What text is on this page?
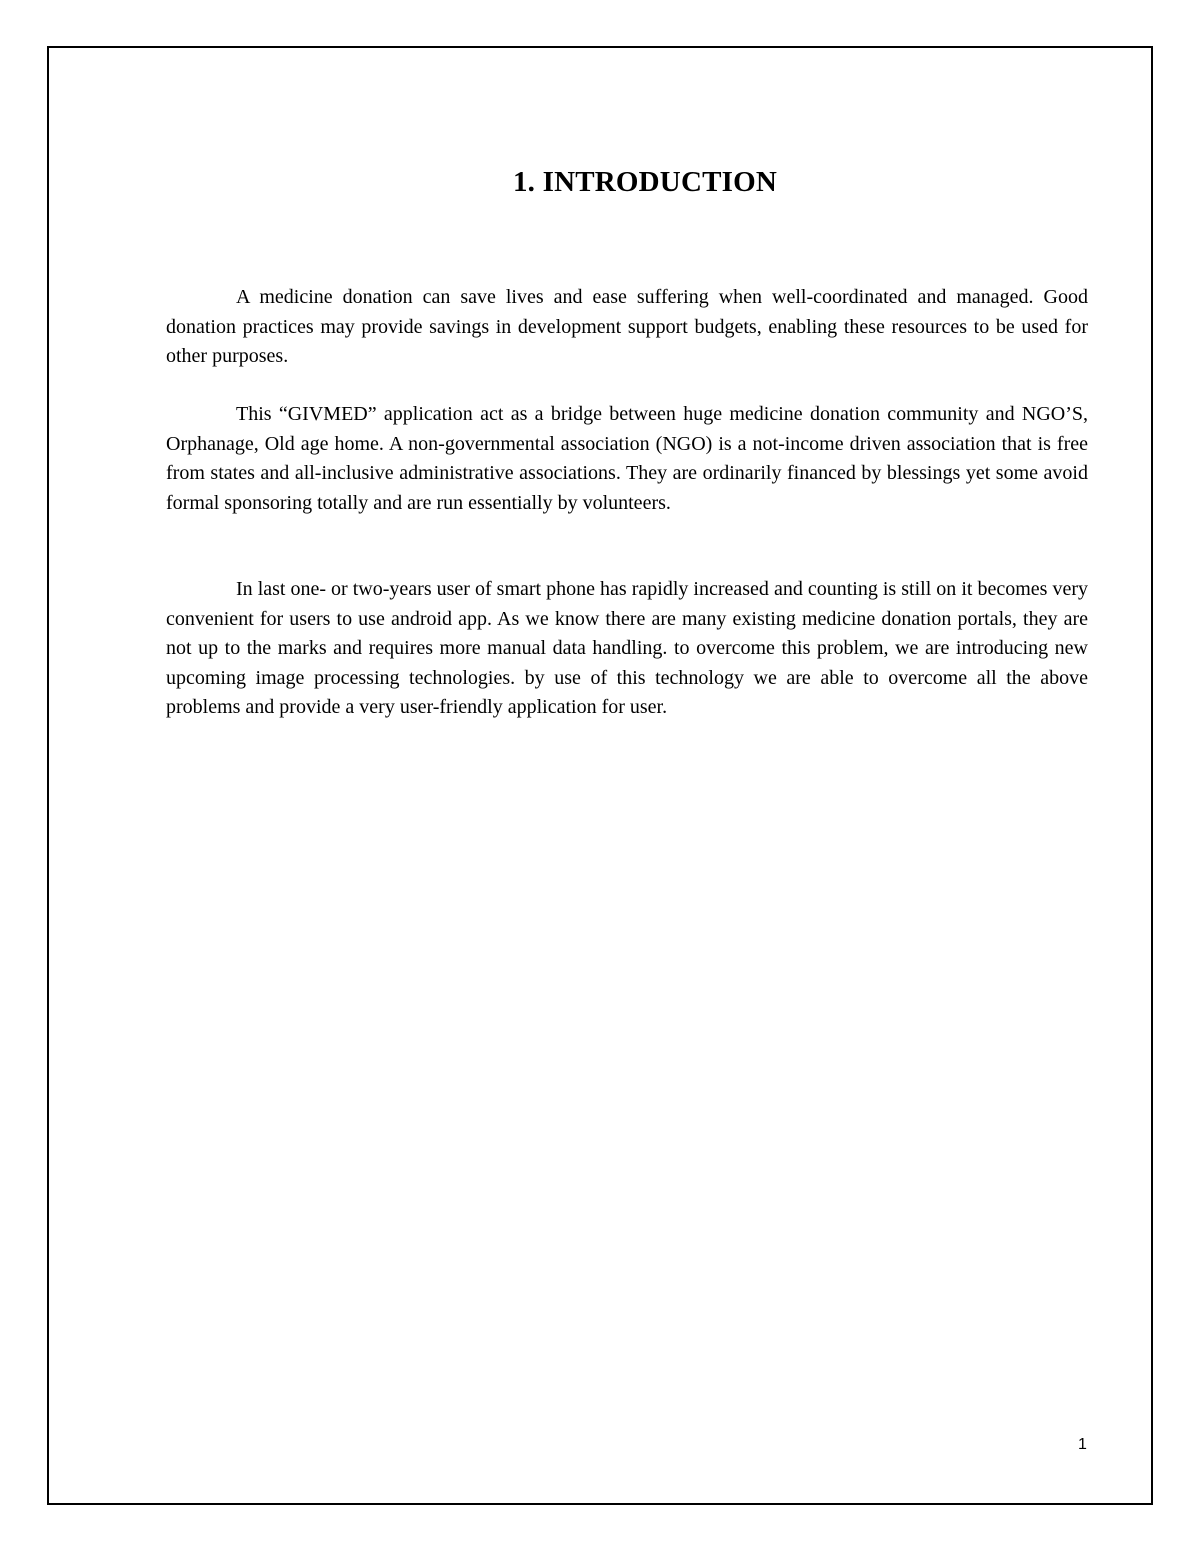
1. INTRODUCTION

A medicine donation can save lives and ease suffering when well-coordinated and managed. Good donation practices may provide savings in development support budgets, enabling these resources to be used for other purposes.

This “GIVMED” application act as a bridge between huge medicine donation community and NGO’S, Orphanage, Old age home. A non-governmental association (NGO) is a not-income driven association that is free from states and all-inclusive administrative associations. They are ordinarily financed by blessings yet some avoid formal sponsoring totally and are run essentially by volunteers.

In last one- or two-years user of smart phone has rapidly increased and counting is still on it becomes very convenient for users to use android app. As we know there are many existing medicine donation portals, they are not up to the marks and requires more manual data handling. to overcome this problem, we are introducing new upcoming image processing technologies. by use of this technology we are able to overcome all the above problems and provide a very user-friendly application for user.

1
